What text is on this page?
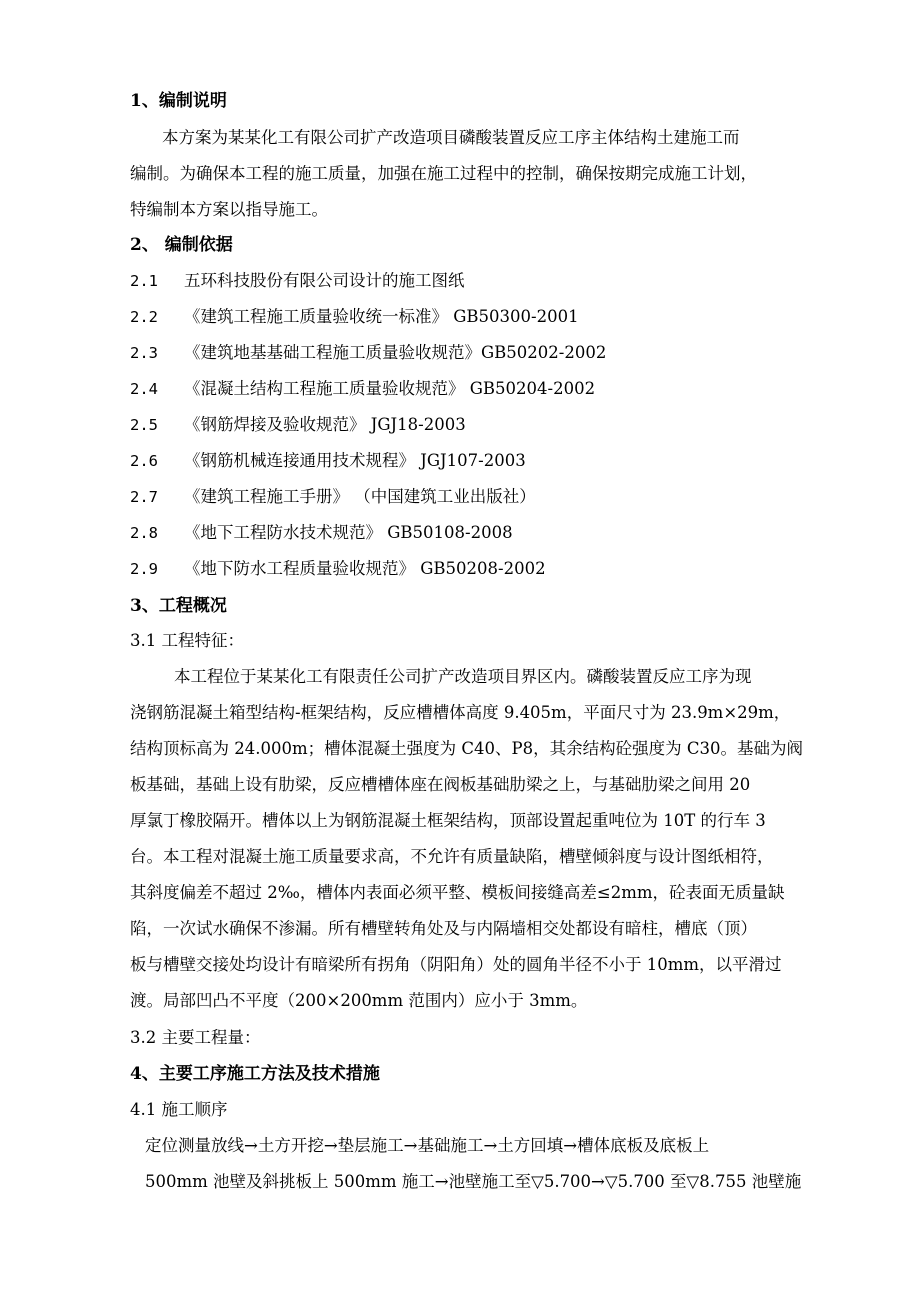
1、编制说明
本方案为某某化工有限公司扩产改造项目磷酸装置反应工序主体结构土建施工而
编制。为确保本工程的施工质量，加强在施工过程中的控制，确保按期完成施工计划，
特编制本方案以指导施工。
2、 编制依据
2.1 五环科技股份有限公司设计的施工图纸
2.2 《建筑工程施工质量验收统一标准》 GB50300-2001
2.3 《建筑地基基础工程施工质量验收规范》GB50202-2002
2.4 《混凝土结构工程施工质量验收规范》 GB50204-2002
2.5 《钢筋焊接及验收规范》 JGJ18-2003
2.6 《钢筋机械连接通用技术规程》 JGJ107-2003
2.7 《建筑工程施工手册》 （中国建筑工业出版社）
2.8 《地下工程防水技术规范》 GB50108-2008
2.9 《地下防水工程质量验收规范》 GB50208-2002
3、工程概况
3.1 工程特征：
本工程位于某某化工有限责任公司扩产改造项目界区内。磷酸装置反应工序为现
浇钢筋混凝土箱型结构-框架结构，反应槽槽体高度 9.405m，平面尺寸为 23.9m×29m，
结构顶标高为 24.000m；槽体混凝土强度为 C40、P8，其余结构砼强度为 C30。基础为阀
板基础，基础上设有肋梁，反应槽槽体座在阀板基础肋梁之上，与基础肋梁之间用 20
厚氯丁橡胶隔开。槽体以上为钢筋混凝土框架结构，顶部设置起重吨位为 10T 的行车 3
台。本工程对混凝土施工质量要求高，不允许有质量缺陷，槽壁倾斜度与设计图纸相符，
其斜度偏差不超过 2‰，槽体内表面必须平整、模板间接缝高差≤2mm，砼表面无质量缺
陷，一次试水确保不渗漏。所有槽壁转角处及与内隔墙相交处都设有暗柱，槽底（顶）
板与槽壁交接处均设计有暗梁所有拐角（阴阳角）处的圆角半径不小于 10mm，以平滑过
渡。局部凹凸不平度（200×200mm 范围内）应小于 3mm。
3.2 主要工程量：
4、主要工序施工方法及技术措施
4.1 施工顺序
定位测量放线→土方开挖→垫层施工→基础施工→土方回填→槽体底板及底板上
500mm 池壁及斜挑板上 500mm 施工→池壁施工至▽5.700→▽5.700 至▽8.755 池壁施
